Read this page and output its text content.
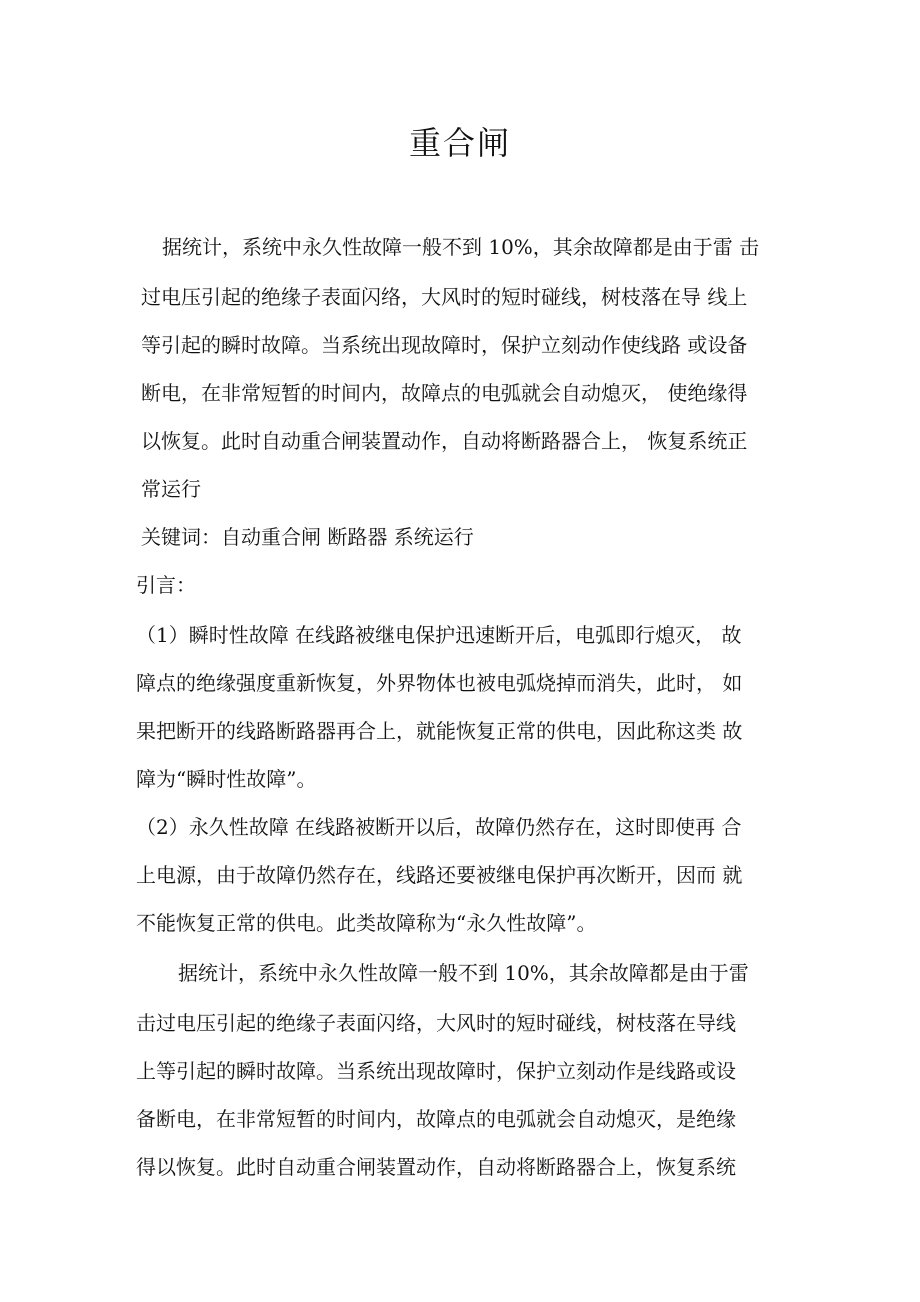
重合闸

据统计，系统中永久性故障一般不到 10%，其余故障都是由于雷 击

过电压引起的绝缘子表面闪络，大风时的短时碰线，树枝落在导 线上

等引起的瞬时故障。当系统出现故障时，保护立刻动作使线路 或设备

断电，在非常短暂的时间内，故障点的电弧就会自动熄灭， 使绝缘得

以恢复。此时自动重合闸装置动作，自动将断路器合上， 恢复系统正

常运行

关键词：自动重合闸 断路器 系统运行

引言：

（1）瞬时性故障 在线路被继电保护迅速断开后，电弧即行熄灭， 故

障点的绝缘强度重新恢复，外界物体也被电弧烧掉而消失，此时， 如

果把断开的线路断路器再合上，就能恢复正常的供电，因此称这类 故

障为“瞬时性故障”。

（2）永久性故障 在线路被断开以后，故障仍然存在，这时即使再 合

上电源，由于故障仍然存在，线路还要被继电保护再次断开，因而 就

不能恢复正常的供电。此类故障称为“永久性故障”。

据统计，系统中永久性故障一般不到 10%，其余故障都是由于雷

击过电压引起的绝缘子表面闪络，大风时的短时碰线，树枝落在导线

上等引起的瞬时故障。当系统出现故障时，保护立刻动作是线路或设

备断电，在非常短暂的时间内，故障点的电弧就会自动熄灭，是绝缘

得以恢复。此时自动重合闸装置动作，自动将断路器合上，恢复系统
